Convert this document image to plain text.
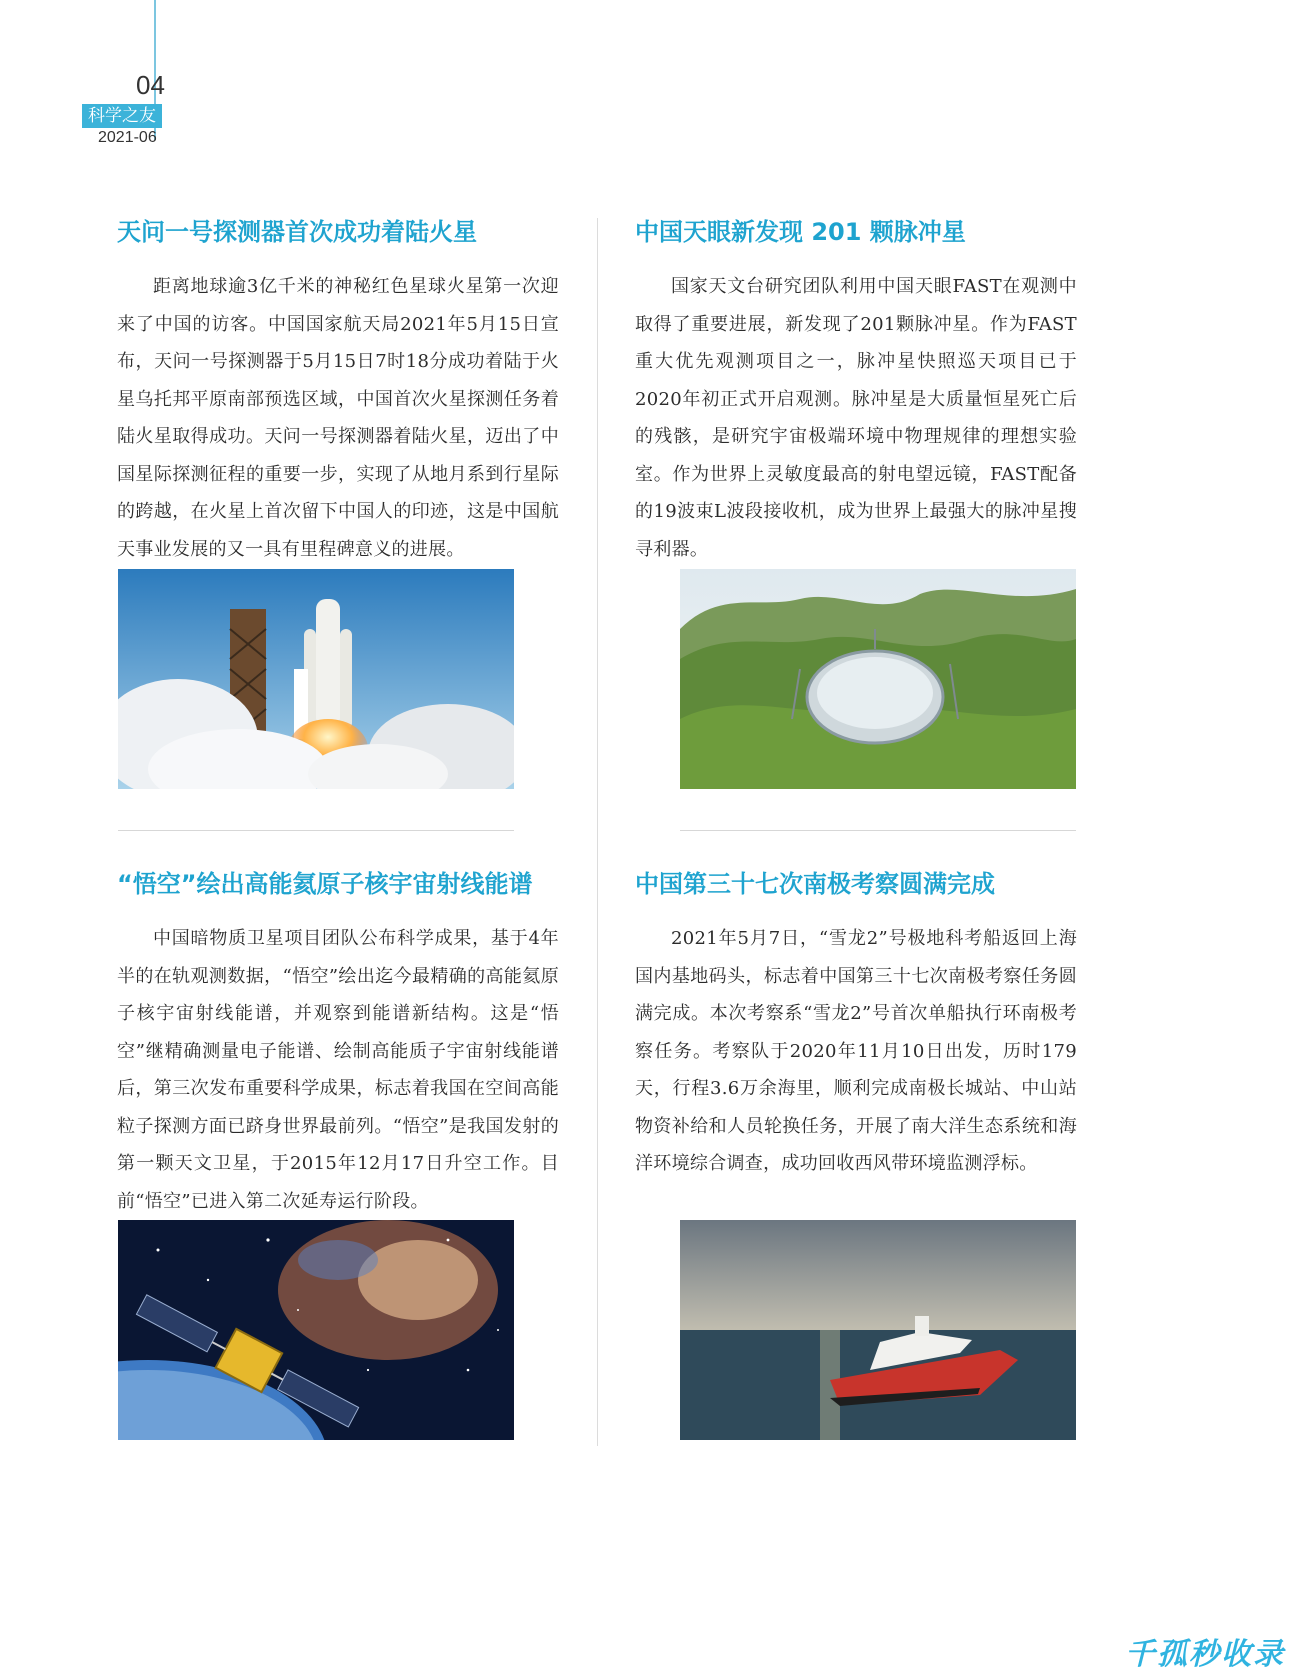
04
科学之友
2021-06
天问一号探测器首次成功着陆火星

距离地球逾3亿千米的神秘红色星球火星第一次迎来了中国的访客。中国国家航天局2021年5月15日宣布，天问一号探测器于5月15日7时18分成功着陆于火星乌托邦平原南部预选区域，中国首次火星探测任务着陆火星取得成功。天问一号探测器着陆火星，迈出了中国星际探测征程的重要一步，实现了从地月系到行星际的跨越，在火星上首次留下中国人的印迹，这是中国航天事业发展的又一具有里程碑意义的进展。

中国天眼新发现 201 颗脉冲星

国家天文台研究团队利用中国天眼FAST在观测中取得了重要进展，新发现了201颗脉冲星。作为FAST重大优先观测项目之一，脉冲星快照巡天项目已于2020年初正式开启观测。脉冲星是大质量恒星死亡后的残骸，是研究宇宙极端环境中物理规律的理想实验室。作为世界上灵敏度最高的射电望远镜，FAST配备的19波束L波段接收机，成为世界上最强大的脉冲星搜寻利器。

“悟空”绘出高能氦原子核宇宙射线能谱

中国暗物质卫星项目团队公布科学成果，基于4年半的在轨观测数据，“悟空”绘出迄今最精确的高能氦原子核宇宙射线能谱，并观察到能谱新结构。这是“悟空”继精确测量电子能谱、绘制高能质子宇宙射线能谱后，第三次发布重要科学成果，标志着我国在空间高能粒子探测方面已跻身世界最前列。“悟空”是我国发射的第一颗天文卫星，于2015年12月17日升空工作。目前“悟空”已进入第二次延寿运行阶段。

中国第三十七次南极考察圆满完成

2021年5月7日，“雪龙2”号极地科考船返回上海国内基地码头，标志着中国第三十七次南极考察任务圆满完成。本次考察系“雪龙2”号首次单船执行环南极考察任务。考察队于2020年11月10日出发，历时179天，行程3.6万余海里，顺利完成南极长城站、中山站物资补给和人员轮换任务，开展了南大洋生态系统和海洋环境综合调查，成功回收西风带环境监测浮标。

千孤秒收录
